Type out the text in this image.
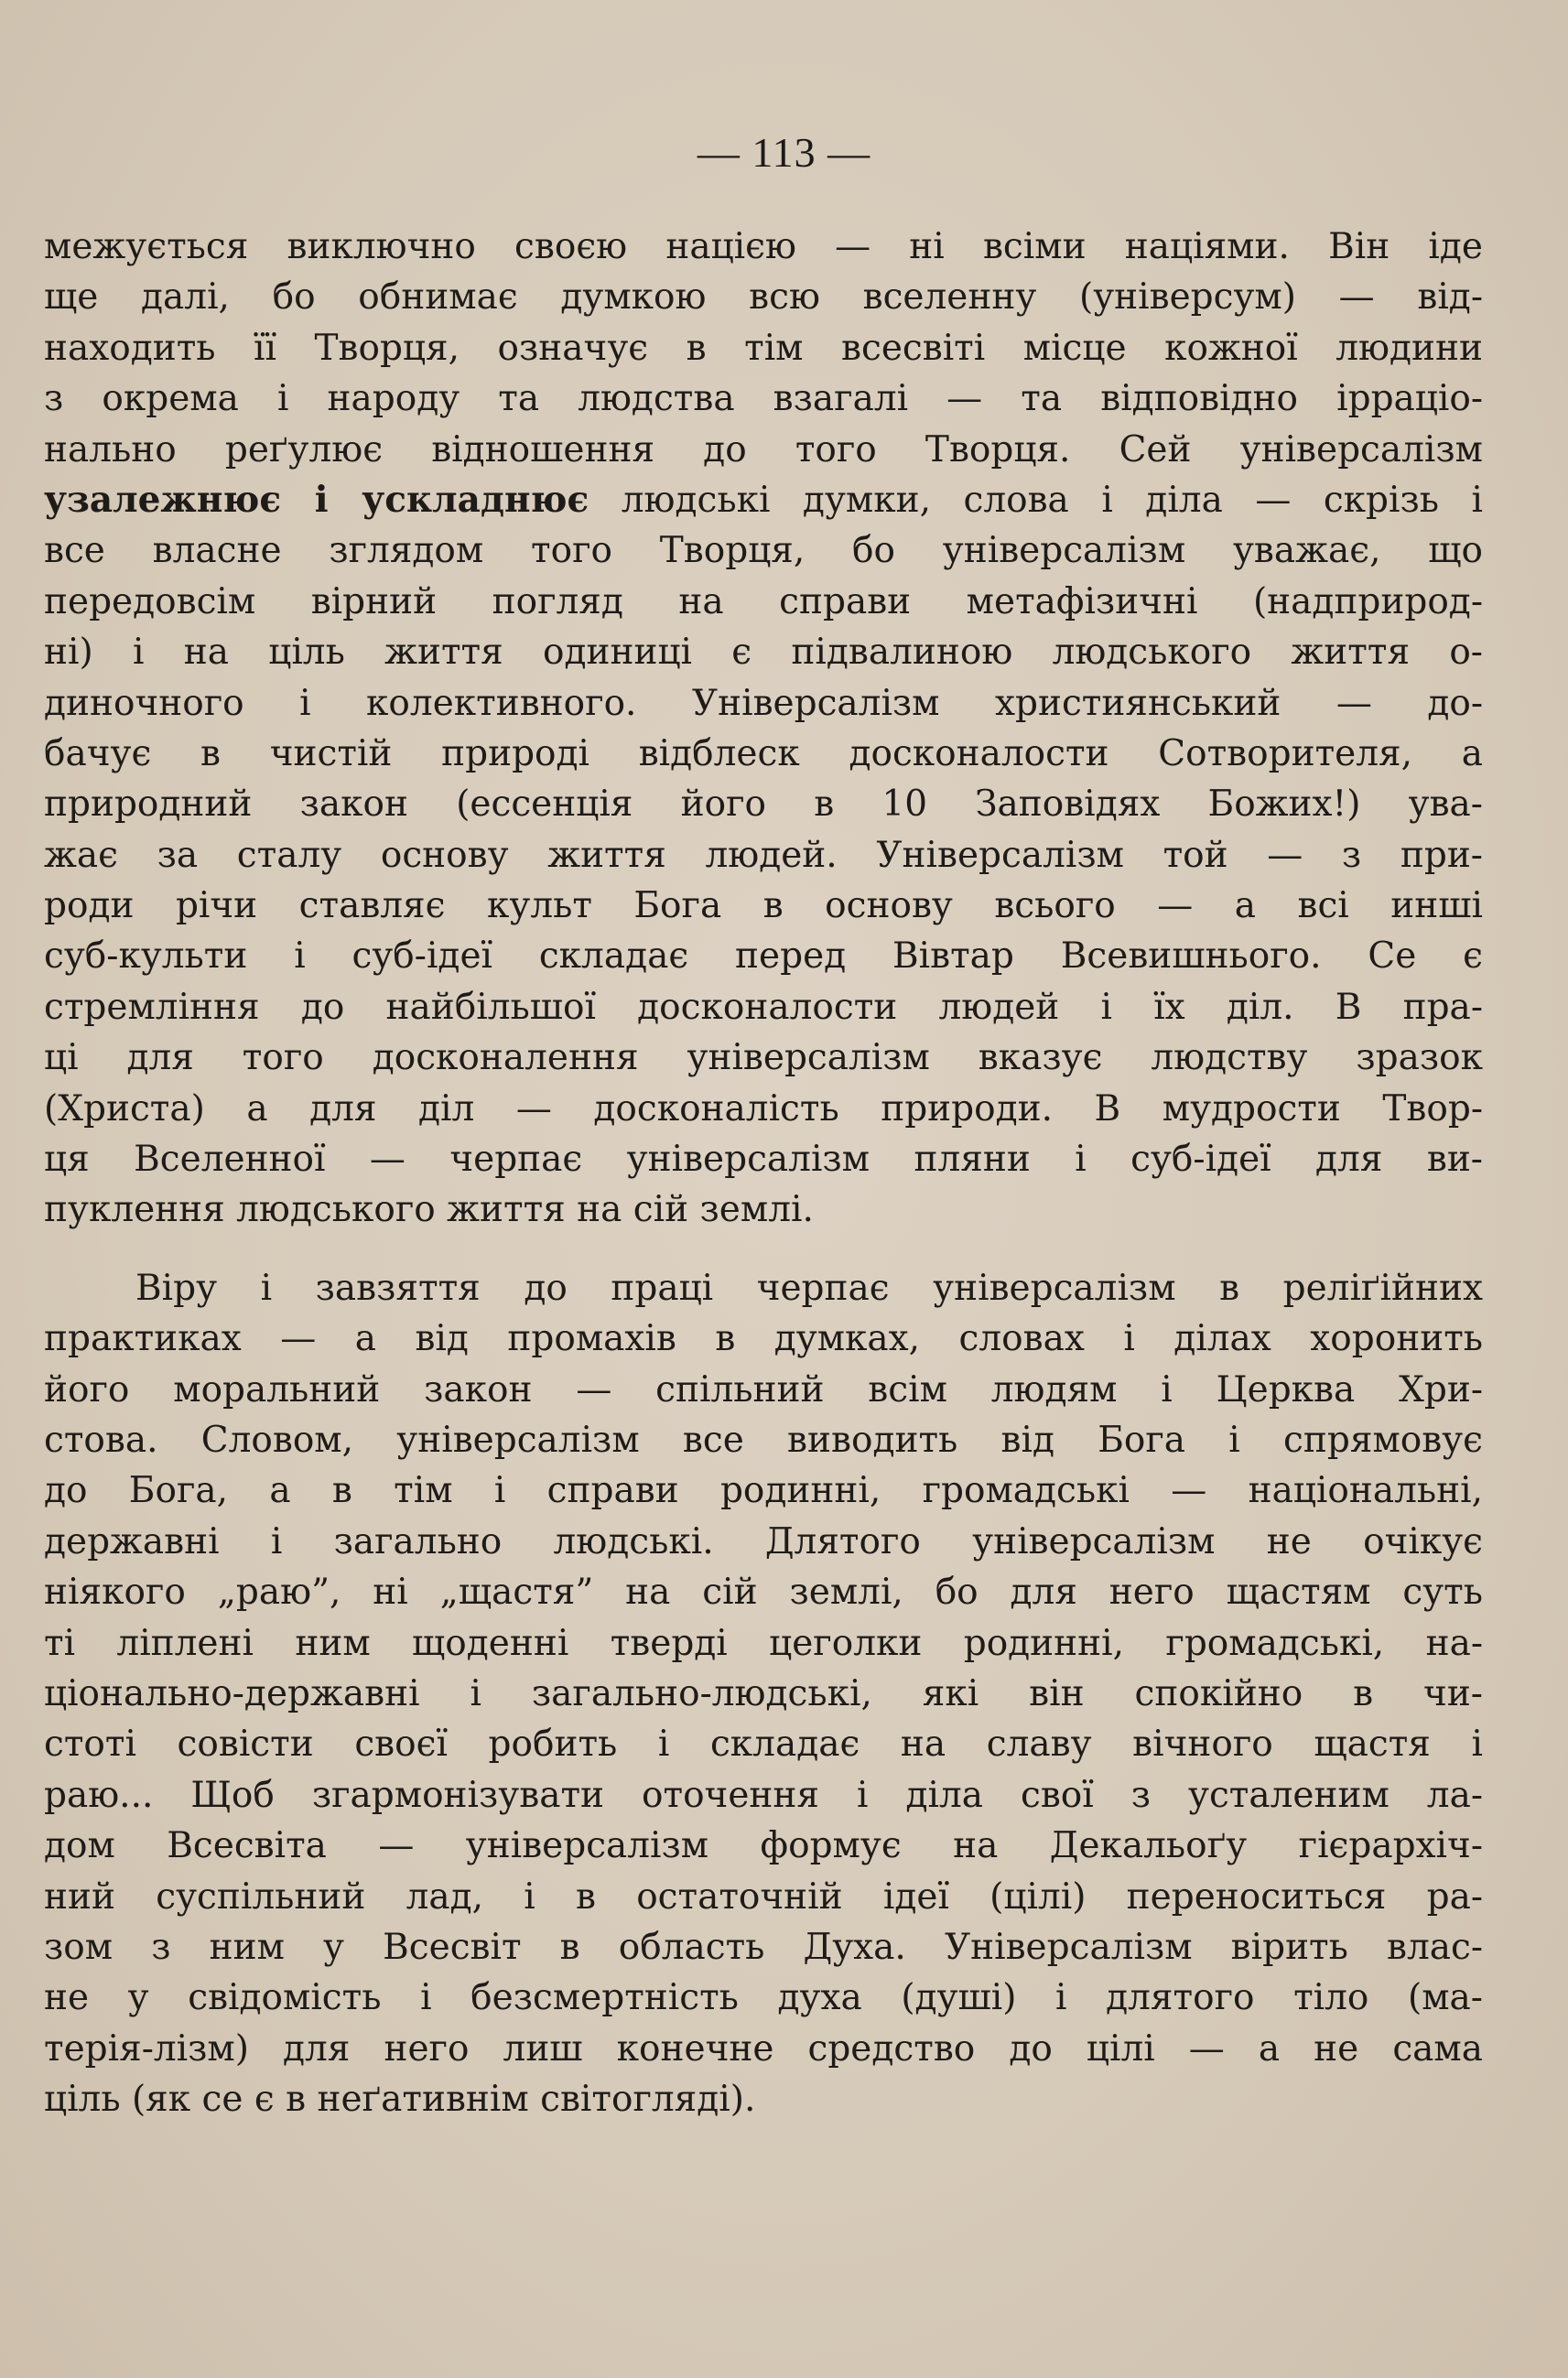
— 113 —
межується виключно своєю нацією — ні всіми націями. Він іде
ще далі, бо обнимає думкою всю вселенну (універсум) — від-
находить її Творця, означує в тім всесвіті місце кожної людини
з окрема і народу та людства взагалі — та відповідно ірраціо-
нально реґулює відношення до того Творця. Сей універсалізм
узалежнює і ускладнює людські думки, слова і діла — скрізь і
все власне зглядом того Творця, бо універсалізм уважає, що
передовсім вірний погляд на справи метафізичні (надприрод-
ні) і на ціль життя одиниці є підвалиною людського життя о-
диночного і колективного. Універсалізм християнський — до-
бачує в чистій природі відблеск досконалости Сотворителя, а
природний закон (ессенція його в 10 Заповідях Божих!) ува-
жає за сталу основу життя людей. Універсалізм той — з при-
роди річи ставляє культ Бога в основу всього — а всі инші
суб-культи і суб-ідеї складає перед Вівтар Всевишнього. Се є
стремління до найбільшої досконалости людей і їх діл. В пра-
ці для того досконалення універсалізм вказує людству зразок
(Христа) а для діл — досконалість природи. В мудрости Твор-
ця Вселенної — черпає універсалізм пляни і суб-ідеї для ви-
пуклення людського життя на сій землі.
Віру і завзяття до праці черпає універсалізм в реліґійних
практиках — а від промахів в думках, словах і ділах хоронить
його моральний закон — спільний всім людям і Церква Хри-
стова. Словом, універсалізм все виводить від Бога і спрямовує
до Бога, а в тім і справи родинні, громадські — національні,
державні і загально людські. Длятого універсалізм не очікує
ніякого „раю”, ні „щастя” на сій землі, бо для него щастям суть
ті ліплені ним щоденні тверді цеголки родинні, громадські, на-
ціонально-державні і загально-людські, які він спокійно в чи-
стоті совісти своєї робить і складає на славу вічного щастя і
раю... Щоб згармонізувати оточення і діла свої з усталеним ла-
дом Всесвіта — універсалізм формує на Декальоґу гієрархіч-
ний суспільний лад, і в остаточній ідеї (цілі) переноситься ра-
зом з ним у Всесвіт в область Духа. Універсалізм вірить влас-
не у свідомість і безсмертність духа (душі) і длятого тіло (ма-
терія-лізм) для него лиш конечне средство до цілі — а не сама
ціль (як се є в неґативнім світогляді).
